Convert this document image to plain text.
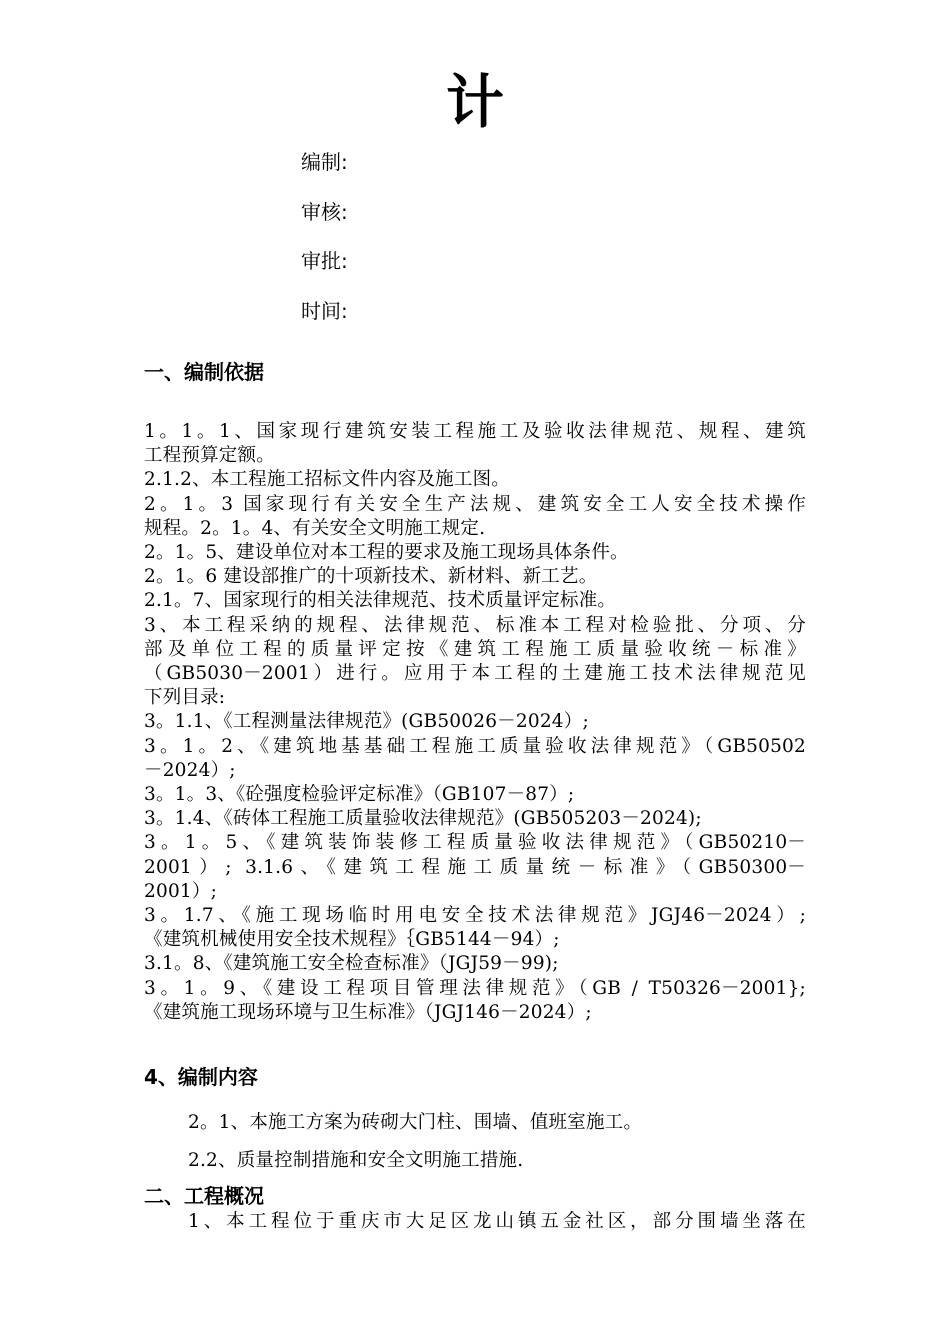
计
编制:
审核:
审批:
时间:
一、编制依据
1。1。1、国家现行建筑安装工程施工及验收法律规范、规程、建筑
工程预算定额。
2.1.2、本工程施工招标文件内容及施工图。
2。1。3 国家现行有关安全生产法规、建筑安全工人安全技术操作
规程。2。1。4、有关安全文明施工规定.
2。1。5、建设单位对本工程的要求及施工现场具体条件。
2。1。6 建设部推广的十项新技术、新材料、新工艺。
2.1。7、国家现行的相关法律规范、技术质量评定标准。
3、本工程采纳的规程、法律规范、标准本工程对检验批、分项、分
部及单位工程的质量评定按《建筑工程施工质量验收统－标准》
（GB5030－2001）进行。应用于本工程的土建施工技术法律规范见
下列目录:
3。1.1、《工程测量法律规范》(GB50026－2024）;
3。1。2、《建筑地基基础工程施工质量验收法律规范》（GB50502
－2024）;
3。1。3、《砼强度检验评定标准》（GB107－87）;
3。1.4、《砖体工程施工质量验收法律规范》(GB505203－2024);
3。1。5、《建筑装饰装修工程质量验收法律规范》（GB50210－
2001）; 3.1.6、《建筑工程施工质量统－标准》（GB50300－
2001）;
3。1.7、《施工现场临时用电安全技术法律规范》JGJ46－2024）;
《建筑机械使用安全技术规程》｛GB5144－94）;
3.1。8、《建筑施工安全检查标准》（JGJ59－99);
3。1。9、《建设工程项目管理法律规范》（GB / T50326－2001};
《建筑施工现场环境与卫生标准》（JGJ146－2024）;
4、编制内容
2。1、本施工方案为砖砌大门柱、围墙、值班室施工。
2.2、质量控制措施和安全文明施工措施.
二、工程概况
1、本工程位于重庆市大足区龙山镇五金社区，部分围墙坐落在
